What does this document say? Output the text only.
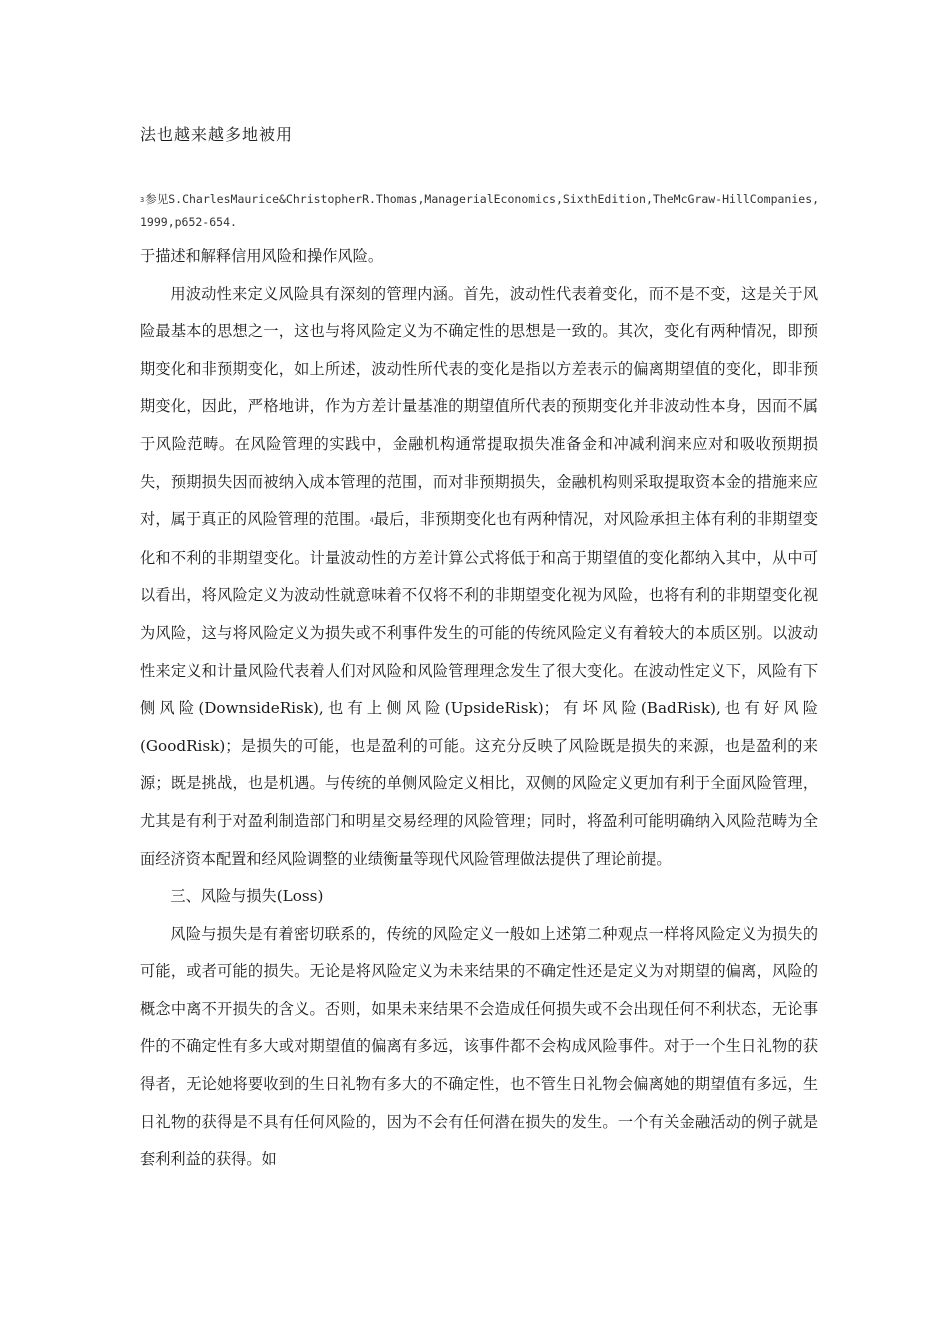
法也越来越多地被用
3参见S.CharlesMaurice&ChristopherR.Thomas,ManagerialEconomics,SixthEdition,TheMcGraw-HillCompanies,1999,p652-654.

于描述和解释信用风险和操作风险。

用波动性来定义风险具有深刻的管理内涵。首先，波动性代表着变化，而不是不变，这是关于风险最基本的思想之一，这也与将风险定义为不确定性的思想是一致的。其次，变化有两种情况，即预期变化和非预期变化，如上所述，波动性所代表的变化是指以方差表示的偏离期望值的变化，即非预期变化，因此，严格地讲，作为方差计量基准的期望值所代表的预期变化并非波动性本身，因而不属于风险范畴。在风险管理的实践中，金融机构通常提取损失准备金和冲减利润来应对和吸收预期损失，预期损失因而被纳入成本管理的范围，而对非预期损失，金融机构则采取提取资本金的措施来应对，属于真正的风险管理的范围。4最后，非预期变化也有两种情况，对风险承担主体有利的非期望变化和不利的非期望变化。计量波动性的方差计算公式将低于和高于期望值的变化都纳入其中，从中可以看出，将风险定义为波动性就意味着不仅将不利的非期望变化视为风险，也将有利的非期望变化视为风险，这与将风险定义为损失或不利事件发生的可能的传统风险定义有着较大的本质区别。以波动性来定义和计量风险代表着人们对风险和风险管理理念发生了很大变化。在波动性定义下，风险有下侧风险(DownsideRisk),也有上侧风险(UpsideRisk)；有坏风险(BadRisk),也有好风险(GoodRisk)；是损失的可能，也是盈利的可能。这充分反映了风险既是损失的来源，也是盈利的来源；既是挑战，也是机遇。与传统的单侧风险定义相比，双侧的风险定义更加有利于全面风险管理，尤其是有利于对盈利制造部门和明星交易经理的风险管理；同时，将盈利可能明确纳入风险范畴为全面经济资本配置和经风险调整的业绩衡量等现代风险管理做法提供了理论前提。

三、风险与损失(Loss)

风险与损失是有着密切联系的，传统的风险定义一般如上述第二种观点一样将风险定义为损失的可能，或者可能的损失。无论是将风险定义为未来结果的不确定性还是定义为对期望的偏离，风险的概念中离不开损失的含义。否则，如果未来结果不会造成任何损失或不会出现任何不利状态，无论事件的不确定性有多大或对期望值的偏离有多远，该事件都不会构成风险事件。对于一个生日礼物的获得者，无论她将要收到的生日礼物有多大的不确定性，也不管生日礼物会偏离她的期望值有多远，生日礼物的获得是不具有任何风险的，因为不会有任何潜在损失的发生。一个有关金融活动的例子就是套利利益的获得。如
